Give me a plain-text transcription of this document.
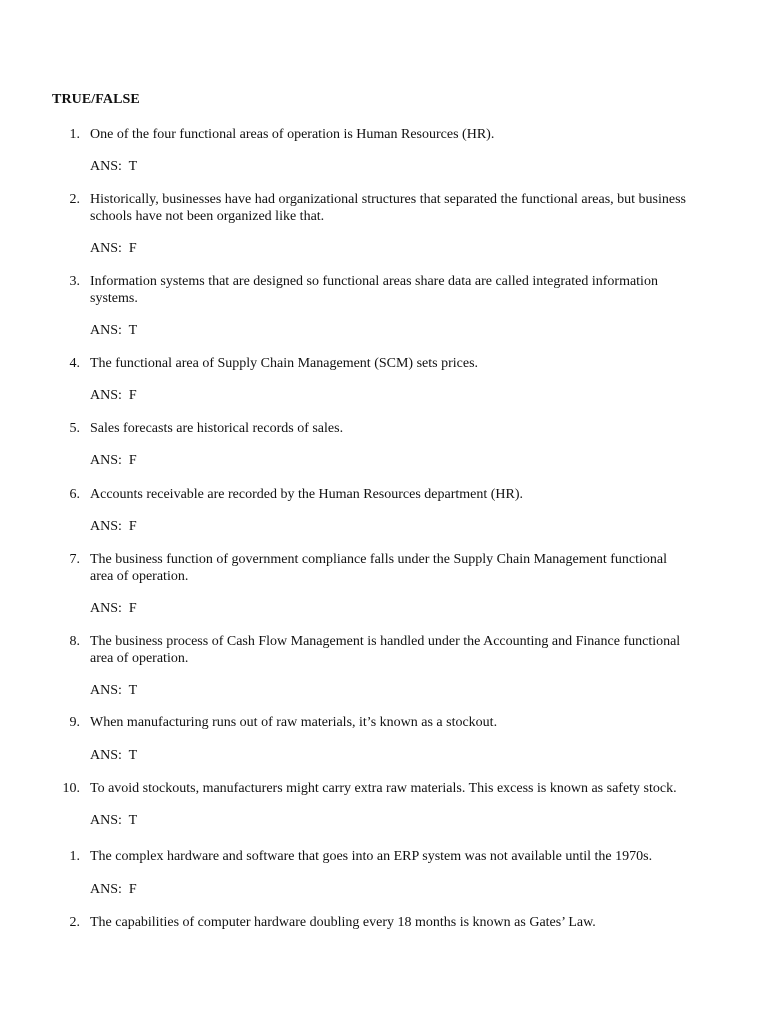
TRUE/FALSE
1. One of the four functional areas of operation is Human Resources (HR).
ANS:  T
2. Historically, businesses have had organizational structures that separated the functional areas, but business schools have not been organized like that.
ANS:  F
3. Information systems that are designed so functional areas share data are called integrated information systems.
ANS:  T
4. The functional area of Supply Chain Management (SCM) sets prices.
ANS:  F
5. Sales forecasts are historical records of sales.
ANS:  F
6. Accounts receivable are recorded by the Human Resources department (HR).
ANS:  F
7. The business function of government compliance falls under the Supply Chain Management functional area of operation.
ANS:  F
8. The business process of Cash Flow Management is handled under the Accounting and Finance functional area of operation.
ANS:  T
9. When manufacturing runs out of raw materials, it’s known as a stockout.
ANS:  T
10. To avoid stockouts, manufacturers might carry extra raw materials. This excess is known as safety stock.
ANS:  T
1. The complex hardware and software that goes into an ERP system was not available until the 1970s.
ANS:  F
2. The capabilities of computer hardware doubling every 18 months is known as Gates’ Law.
